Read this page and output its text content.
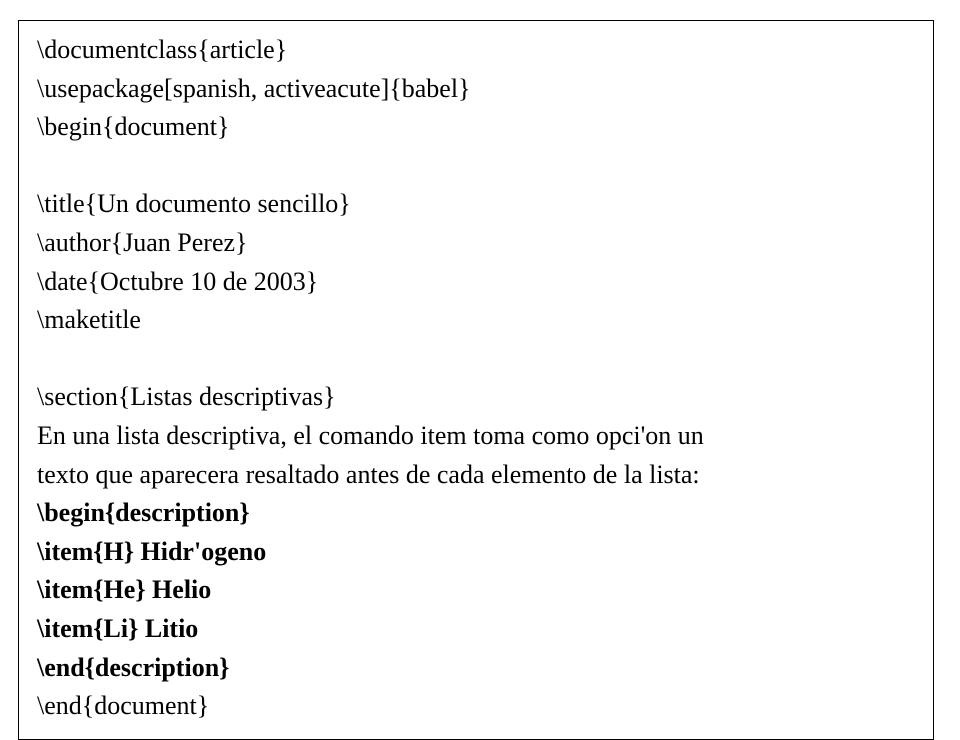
\documentclass{article}
\usepackage[spanish, activeacute]{babel}
\begin{document}
\title{Un documento sencillo}
\author{Juan Perez}
\date{Octubre 10 de 2003}
\maketitle
\section{Listas descriptivas}
En una lista descriptiva, el comando item toma como opci'on un
texto que aparecera resaltado antes de cada elemento de la lista:
\begin{description}
\item{H} Hidr'ogeno
\item{He} Helio
\item{Li} Litio
\end{description}
\end{document}
